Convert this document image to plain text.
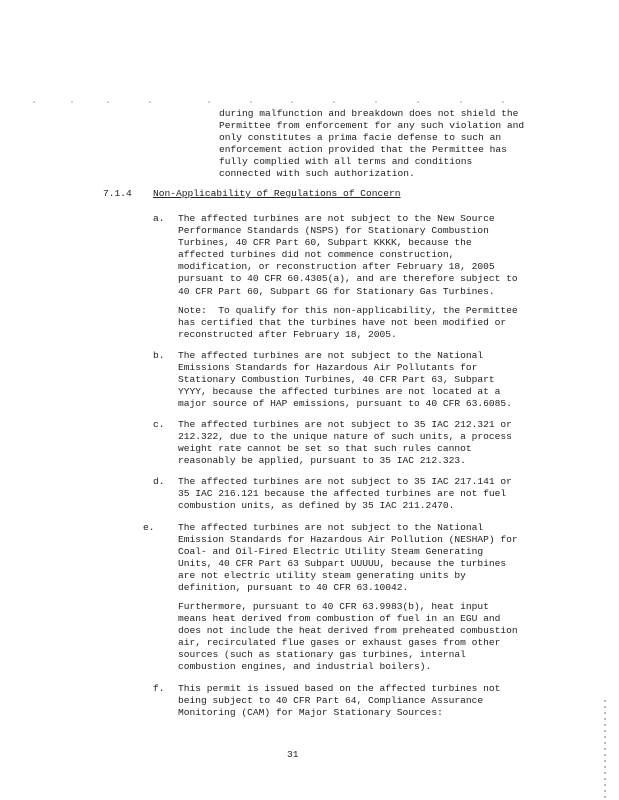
during malfunction and breakdown does not shield the
Permittee from enforcement for any such violation and
only constitutes a prima facie defense to such an
enforcement action provided that the Permittee has
fully complied with all terms and conditions
connected with such authorization.
7.1.4 Non-Applicability of Regulations of Concern
a. The affected turbines are not subject to the New Source
Performance Standards (NSPS) for Stationary Combustion
Turbines, 40 CFR Part 60, Subpart KKKK, because the
affected turbines did not commence construction,
modification, or reconstruction after February 18, 2005
pursuant to 40 CFR 60.4305(a), and are therefore subject to
40 CFR Part 60, Subpart GG for Stationary Gas Turbines.
Note:  To qualify for this non-applicability, the Permittee
has certified that the turbines have not been modified or
reconstructed after February 18, 2005.
b. The affected turbines are not subject to the National
Emissions Standards for Hazardous Air Pollutants for
Stationary Combustion Turbines, 40 CFR Part 63, Subpart
YYYY, because the affected turbines are not located at a
major source of HAP emissions, pursuant to 40 CFR 63.6085.
c. The affected turbines are not subject to 35 IAC 212.321 or
212.322, due to the unique nature of such units, a process
weight rate cannot be set so that such rules cannot
reasonably be applied, pursuant to 35 IAC 212.323.
d. The affected turbines are not subject to 35 IAC 217.141 or
35 IAC 216.121 because the affected turbines are not fuel
combustion units, as defined by 35 IAC 211.2470.
e. The affected turbines are not subject to the National
Emission Standards for Hazardous Air Pollution (NESHAP) for
Coal- and Oil-Fired Electric Utility Steam Generating
Units, 40 CFR Part 63 Subpart UUUUU, because the turbines
are not electric utility steam generating units by
definition, pursuant to 40 CFR 63.10042.
Furthermore, pursuant to 40 CFR 63.9983(b), heat input
means heat derived from combustion of fuel in an EGU and
does not include the heat derived from preheated combustion
air, recirculated flue gases or exhaust gases from other
sources (such as stationary gas turbines, internal
combustion engines, and industrial boilers).
f. This permit is issued based on the affected turbines not
being subject to 40 CFR Part 64, Compliance Assurance
Monitoring (CAM) for Major Stationary Sources:
31
